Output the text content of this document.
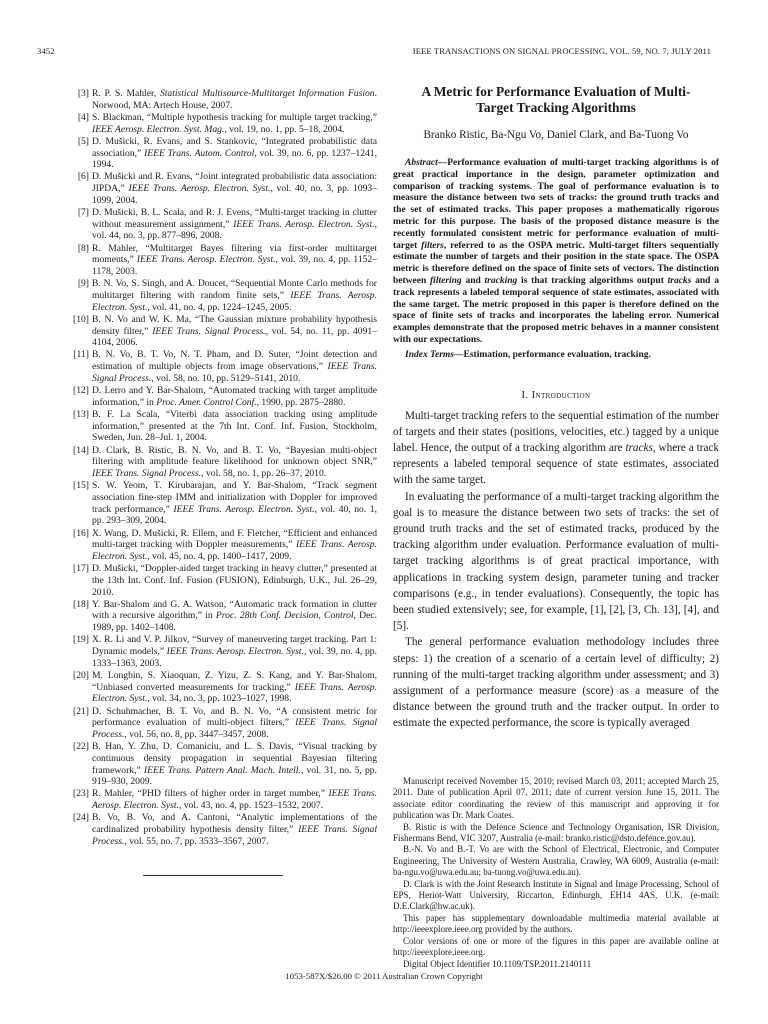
3452	IEEE TRANSACTIONS ON SIGNAL PROCESSING, VOL. 59, NO. 7, JULY 2011
[3] R. P. S. Mahler, Statistical Multisource-Multitarget Information Fusion. Norwood, MA: Artech House, 2007.
[4] S. Blackman, “Multiple hypothesis tracking for multiple target tracking,” IEEE Aerosp. Electron. Syst. Mag., vol. 19, no. 1, pp. 5–18, 2004.
[5] D. Mušicki, R. Evans, and S. Stankovic, “Integrated probabilistic data association,” IEEE Trans. Autom. Control, vol. 39, no. 6, pp. 1237–1241, 1994.
[6] D. Mušicki and R. Evans, “Joint integrated probabilistic data association: JIPDA,” IEEE Trans. Aerosp. Electron. Syst., vol. 40, no. 3, pp. 1093–1099, 2004.
[7] D. Mušicki, B. L. Scala, and R. J. Evens, “Multi-target tracking in clutter without measurement assignment,” IEEE Trans. Aerosp. Electron. Syst., vol. 44, no. 3, pp. 877–896, 2008.
[8] R. Mahler, “Multitarget Bayes filtering via first-order multitarget moments,” IEEE Trans. Aerosp. Electron. Syst., vol. 39, no. 4, pp. 1152–1178, 2003.
[9] B. N. Vo, S. Singh, and A. Doucet, “Sequential Monte Carlo methods for multitarget filtering with random finite sets,” IEEE Trans. Aerosp. Electron. Syst., vol. 41, no. 4, pp. 1224–1245, 2005.
[10] B. N. Vo and W. K. Ma, “The Gaussian mixture probability hypothesis density filter,” IEEE Trans. Signal Process., vol. 54, no. 11, pp. 4091–4104, 2006.
[11] B. N. Vo, B. T. Vo, N. T. Pham, and D. Suter, “Joint detection and estimation of multiple objects from image observations,” IEEE Trans. Signal Process., vol. 58, no. 10, pp. 5129–5141, 2010.
[12] D. Lerro and Y. Bar-Shalom, “Automated tracking with target amplitude information,” in Proc. Amer. Control Conf., 1990, pp. 2875–2880.
[13] B. F. La Scala, “Viterbi data association tracking using amplitude information,” presented at the 7th Int. Conf. Inf. Fusion, Stockholm, Sweden, Jun. 28–Jul. 1, 2004.
[14] D. Clark, B. Ristic, B. N. Vo, and B. T. Vo, “Bayesian multi-object filtering with amplitude feature likelihood for unknown object SNR,” IEEE Trans. Signal Process., vol. 58, no. 1, pp. 26–37, 2010.
[15] S. W. Yeom, T. Kirubarajan, and Y. Bar-Shalom, “Track segment association fine-step IMM and initialization with Doppler for improved track performance,” IEEE Trans. Aerosp. Electron. Syst., vol. 40, no. 1, pp. 293–309, 2004.
[16] X. Wang, D. Mušicki, R. Ellem, and F. Fletcher, “Efficient and enhanced multi-target tracking with Doppler measurements,” IEEE Trans. Aerosp. Electron. Syst., vol. 45, no. 4, pp. 1400–1417, 2009.
[17] D. Mušicki, “Doppler-aided target tracking in heavy clutter,” presented at the 13th Int. Conf. Inf. Fusion (FUSION), Edinburgh, U.K., Jul. 26–29, 2010.
[18] Y. Bar-Shalom and G. A. Watson, “Automatic track formation in clutter with a recursive algorithm,” in Proc. 28th Conf. Decision, Control, Dec. 1989, pp. 1402–1408.
[19] X. R. Li and V. P. Jilkov, “Survey of maneuvering target tracking. Part 1: Dynamic models,” IEEE Trans. Aerosp. Electron. Syst., vol. 39, no. 4, pp. 1333–1363, 2003.
[20] M. Longbin, S. Xiaoquan, Z. Yizu, Z. S. Kang, and Y. Bar-Shalom, “Unbiased converted measurements for tracking,” IEEE Trans. Aerosp. Electron. Syst., vol. 34, no. 3, pp. 1023–1027, 1998.
[21] D. Schuhmacher, B. T. Vo, and B. N. Vo, “A consistent metric for performance evaluation of multi-object filters,” IEEE Trans. Signal Process., vol. 56, no. 8, pp. 3447–3457, 2008.
[22] B. Han, Y. Zhu, D. Comaniciu, and L. S. Davis, “Visual tracking by continuous density propagation in sequential Bayesian filtering framework,” IEEE Trans. Pattern Anal. Mach. Intell., vol. 31, no. 5, pp. 919–930, 2009.
[23] R. Mahler, “PHD filters of higher order in target number,” IEEE Trans. Aerosp. Electron. Syst., vol. 43, no. 4, pp. 1523–1532, 2007.
[24] B. Vo, B. Vo, and A. Cantoni, “Analytic implementations of the cardinalized probability hypothesis density filter,” IEEE Trans. Signal Process., vol. 55, no. 7, pp. 3533–3567, 2007.
A Metric for Performance Evaluation of Multi-Target Tracking Algorithms
Branko Ristic, Ba-Ngu Vo, Daniel Clark, and Ba-Tuong Vo
Abstract—Performance evaluation of multi-target tracking algorithms is of great practical importance in the design, parameter optimization and comparison of tracking systems. The goal of performance evaluation is to measure the distance between two sets of tracks: the ground truth tracks and the set of estimated tracks. This paper proposes a mathematically rigorous metric for this purpose. The basis of the proposed distance measure is the recently formulated consistent metric for performance evaluation of multi-target filters, referred to as the OSPA metric. Multi-target filters sequentially estimate the number of targets and their position in the state space. The OSPA metric is therefore defined on the space of finite sets of vectors. The distinction between filtering and tracking is that tracking algorithms output tracks and a track represents a labeled temporal sequence of state estimates, associated with the same target. The metric proposed in this paper is therefore defined on the space of finite sets of tracks and incorporates the labeling error. Numerical examples demonstrate that the proposed metric behaves in a manner consistent with our expectations.
Index Terms—Estimation, performance evaluation, tracking.
I. Introduction

Multi-target tracking refers to the sequential estimation of the number of targets and their states (positions, velocities, etc.) tagged by a unique label. Hence, the output of a tracking algorithm are tracks, where a track represents a labeled temporal sequence of state estimates, associated with the same target.

In evaluating the performance of a multi-target tracking algorithm the goal is to measure the distance between two sets of tracks: the set of ground truth tracks and the set of estimated tracks, produced by the tracking algorithm under evaluation. Performance evaluation of multi-target tracking algorithms is of great practical importance, with applications in tracking system design, parameter tuning and tracker comparisons (e.g., in tender evaluations). Consequently, the topic has been studied extensively; see, for example, [1], [2], [3, Ch. 13], [4], and [5].

The general performance evaluation methodology includes three steps: 1) the creation of a scenario of a certain level of difficulty; 2) running of the multi-target tracking algorithm under assessment; and 3) assignment of a performance measure (score) as a measure of the distance between the ground truth and the tracker output. In order to estimate the expected performance, the score is typically averaged

Manuscript received November 15, 2010; revised March 03, 2011; accepted March 25, 2011. Date of publication April 07, 2011; date of current version June 15, 2011. The associate editor coordinating the review of this manuscript and approving it for publication was Dr. Mark Coates.

B. Ristic is with the Defence Science and Technology Organisation, ISR Division, Fishermans Bend, VIC 3207, Australia (e-mail: branko.ristic@dsto.defence.gov.au).

B.-N. Vo and B.-T. Vo are with the School of Electrical, Electronic, and Computer Engineering, The University of Western Australia, Crawley, WA 6009, Australia (e-mail: ba-ngu.vo@uwa.edu.au; ba-tuong.vo@uwa.edu.au).

D. Clark is with the Joint Research Institute in Signal and Image Processing, School of EPS, Heriot-Watt University, Riccarton, Edinburgh, EH14 4AS, U.K. (e-mail: D.E.Clark@hw.ac.uk).

This paper has supplementary downloadable multimedia material available at http://ieeexplore.ieee.org provided by the authors.

Color versions of one or more of the figures in this paper are available online at http://ieeexplore.ieee.org.

Digital Object Identifier 10.1109/TSP.2011.2140111

1053-587X/$26.00 © 2011 Australian Crown Copyright
